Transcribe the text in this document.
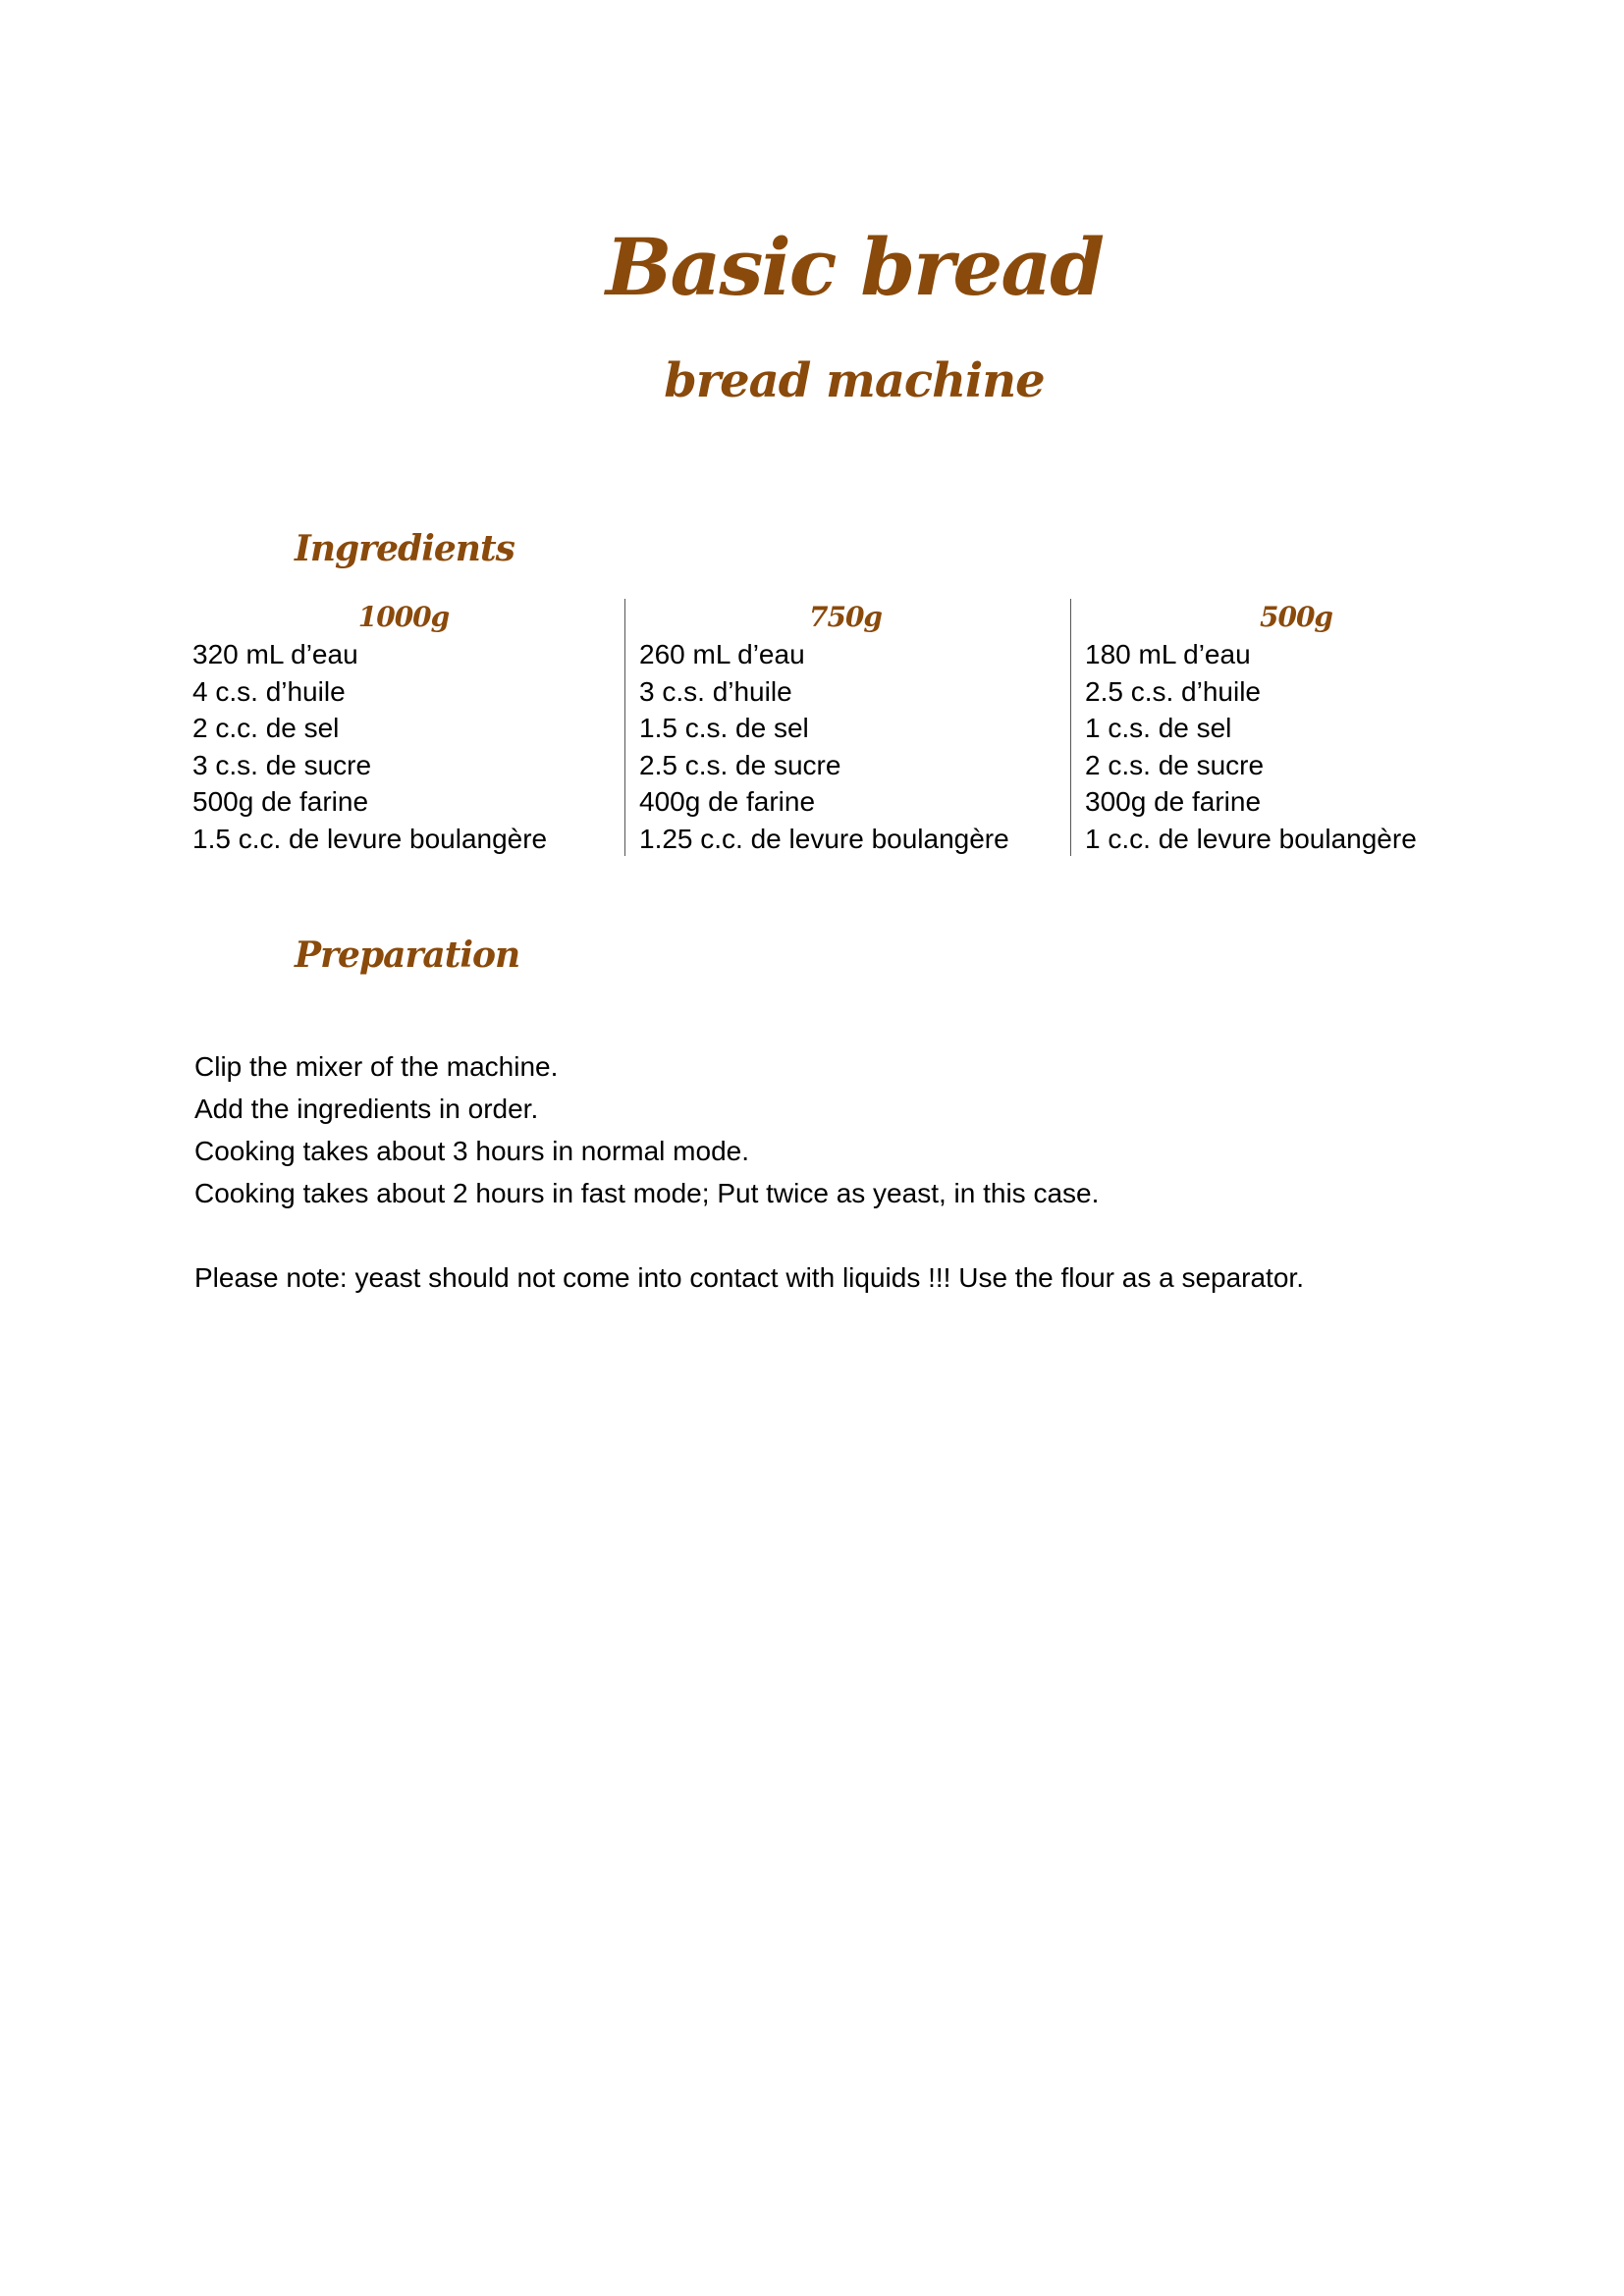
Basic bread
bread machine
Ingredients
1000g
320 mL d’eau
4 c.s. d’huile
2 c.c. de sel
3 c.s. de sucre
500g de farine
1.5 c.c. de levure boulangère
750g
260 mL d’eau
3 c.s. d’huile
1.5 c.s. de sel
2.5 c.s. de sucre
400g de farine
1.25 c.c. de levure boulangère
500g
180 mL d’eau
2.5 c.s. d’huile
1 c.s. de sel
2 c.s. de sucre
300g de farine
1 c.c. de levure boulangère
Preparation

Clip the mixer of the machine.

Add the ingredients in order.

Cooking takes about 3 hours in normal mode.

Cooking takes about 2 hours in fast mode; Put twice as yeast, in this case.

Please note: yeast should not come into contact with liquids !!! Use the flour as a separator.
